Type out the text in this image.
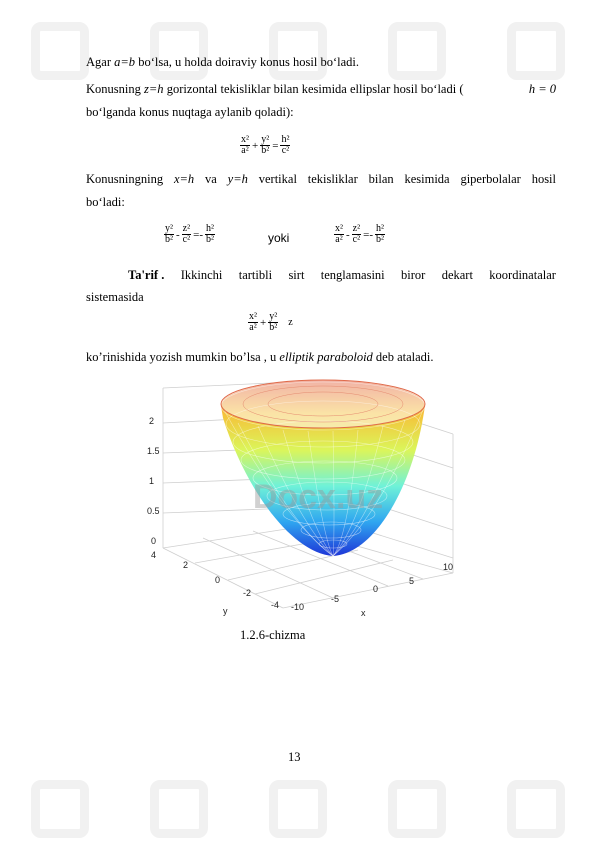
Agar a=b bo‘lsa, u holda doiraviy konus hosil bo‘ladi.
Konusning z=h gorizontal tekisliklar bilan kesimida ellipslar hosil bo‘ladi (	h = 0
bo‘lganda konus nuqtaga aylanib qoladi):
$\frac{\text{x²}}{\text{a²}} + \frac{\text{y²}}{\text{b²}} = \frac{\text{h²}}{\text{c²}}$
Konusningning x=h va y=h vertikal tekisliklar bilan kesimida giperbolalar hosil
bo‘ladi:
$\frac{\text{y²}}{\text{b²}} - \frac{\text{z²}}{\text{c²}} =- \frac{\text{h²}}{\text{b²}}$	yoki	$\frac{\text{x²}}{\text{a²}} - \frac{\text{z²}}{\text{c²}} =- \frac{\text{h²}}{\text{b²}}$
Ta'rif . Ikkinchi tartibli sirt tenglamasini biror dekart koordinatalar
sistemasida
$\frac{\text{x²}}{\text{a²}} + \frac{\text{y²}}{\text{b²}}$ z
ko’rinishida yozish mumkin bo’lsa , u elliptik paraboloid deb ataladi.
Docx.uz
2
1.5
1
0.5
0
4
2
0
-2
-4 -10
-5
0
5
10
y	x
1.2.6-chizma
13
